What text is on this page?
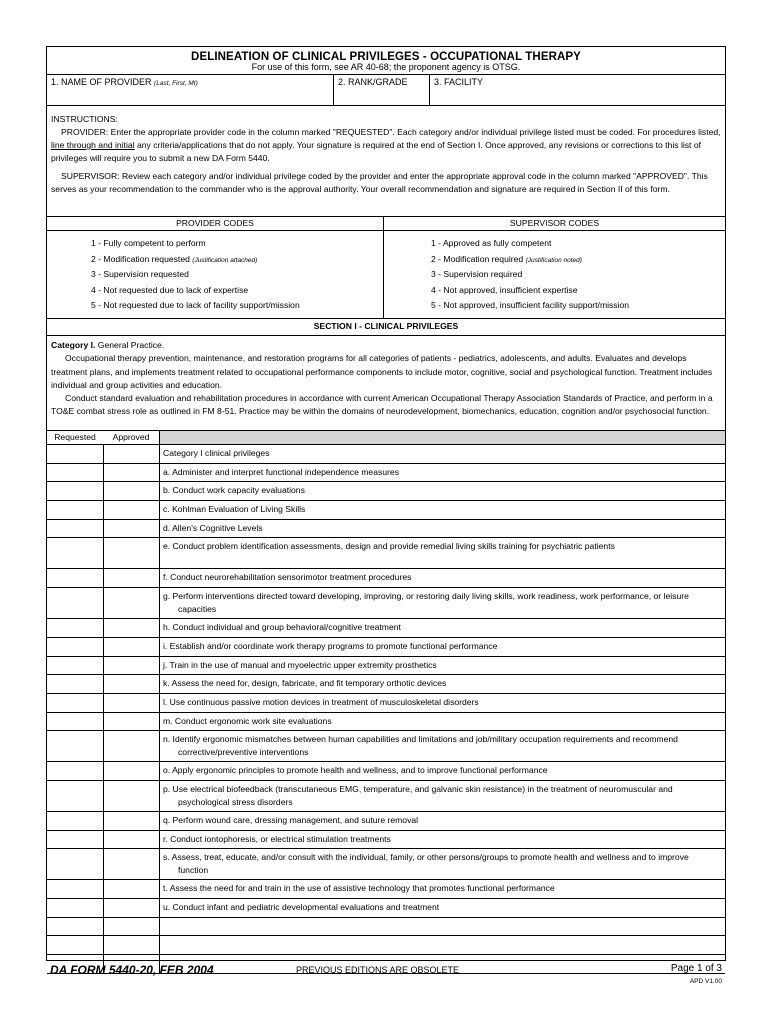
DELINEATION OF CLINICAL PRIVILEGES - OCCUPATIONAL THERAPY
For use of this form, see AR 40-68; the proponent agency is OTSG.
1. NAME OF PROVIDER (Last, First, MI)	2. RANK/GRADE	3. FACILITY

INSTRUCTIONS:

PROVIDER: Enter the appropriate provider code in the column marked "REQUESTED". Each category and/or individual privilege listed must be coded. For procedures listed, line through and initial any criteria/applications that do not apply. Your signature is required at the end of Section I. Once approved, any revisions or corrections to this list of privileges will require you to submit a new DA Form 5440.

SUPERVISOR: Review each category and/or individual privilege coded by the provider and enter the appropriate approval code in the column marked "APPROVED". This serves as your recommendation to the commander who is the approval authority. Your overall recommendation and signature are required in Section II of this form.

PROVIDER CODES
1 - Fully competent to perform
2 - Modification requested (Justification attached)
3 - Supervision requested
4 - Not requested due to lack of expertise
5 - Not requested due to lack of facility support/mission
SUPERVISOR CODES
1 - Approved as fully competent
2 - Modification required (Justification noted)
3 - Supervision required
4 - Not approved, insufficient expertise
5 - Not approved, insufficient facility support/mission
SECTION I - CLINICAL PRIVILEGES

Category I. General Practice.

Occupational therapy prevention, maintenance, and restoration programs for all categories of patients - pediatrics, adolescents, and adults. Evaluates and develops treatment plans, and implements treatment related to occupational performance components to include motor, cognitive, social and psychological function. Treatment includes individual and group activities and education.

Conduct standard evaluation and rehabilitation procedures in accordance with current American Occupational Therapy Association Standards of Practice, and perform in a TO&E combat stress role as outlined in FM 8-51. Practice may be within the domains of neurodevelopment, biomechanics, education, cognition and/or psychosocial function.

Requested	Approved
Category I clinical privileges
a. Administer and interpret functional independence measures
b. Conduct work capacity evaluations
c. Kohlman Evaluation of Living Skills
d. Allen's Cognitive Levels
e. Conduct problem identification assessments, design and provide remedial living skills training for psychiatric patients
f. Conduct neurorehabilitation sensorimotor treatment procedures
g. Perform interventions directed toward developing, improving, or restoring daily living skills, work readiness, work performance, or leisure capacities
h. Conduct individual and group behavioral/cognitive treatment
i. Establish and/or coordinate work therapy programs to promote functional performance
j. Train in the use of manual and myoelectric upper extremity prosthetics
k. Assess the need for, design, fabricate, and fit temporary orthotic devices
l. Use continuous passive motion devices in treatment of musculoskeletal disorders
m. Conduct ergonomic work site evaluations
n. Identify ergonomic mismatches between human capabilities and limitations and job/military occupation requirements and recommend corrective/preventive interventions
o. Apply ergonomic principles to promote health and wellness, and to improve functional performance
p. Use electrical biofeedback (transcutaneous EMG, temperature, and galvanic skin resistance) in the treatment of neuromuscular and psychological stress disorders
q. Perform wound care, dressing management, and suture removal
r. Conduct iontophoresis, or electrical stimulation treatments
s. Assess, treat, educate, and/or consult with the individual, family, or other persons/groups to promote health and wellness and to improve function
t. Assess the need for and train in the use of assistive technology that promotes functional performance
u. Conduct infant and pediatric developmental evaluations and treatment
DA FORM 5440-20, FEB 2004	PREVIOUS EDITIONS ARE OBSOLETE	Page 1 of 3
APD V1.00
